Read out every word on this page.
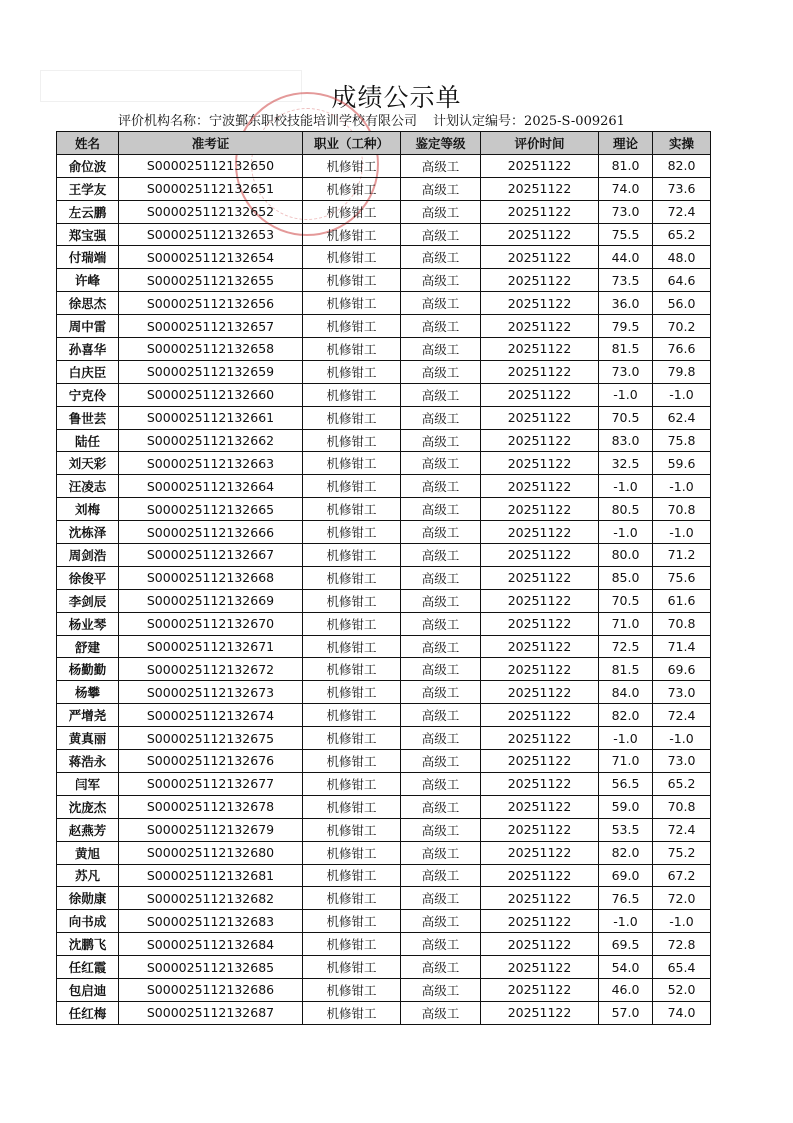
成绩公示单
评价机构名称：宁波鄞东职校技能培训学校有限公司 计划认定编号：2025-S-009261
姓名	准考证	职业（工种）	鉴定等级	评价时间	理论	实操
俞位波	S000025112132650	机修钳工	高级工	20251122	81.0	82.0
王学友	S000025112132651	机修钳工	高级工	20251122	74.0	73.6
左云鹏	S000025112132652	机修钳工	高级工	20251122	73.0	72.4
郑宝强	S000025112132653	机修钳工	高级工	20251122	75.5	65.2
付瑞端	S000025112132654	机修钳工	高级工	20251122	44.0	48.0
许峰	S000025112132655	机修钳工	高级工	20251122	73.5	64.6
徐思杰	S000025112132656	机修钳工	高级工	20251122	36.0	56.0
周中雷	S000025112132657	机修钳工	高级工	20251122	79.5	70.2
孙喜华	S000025112132658	机修钳工	高级工	20251122	81.5	76.6
白庆臣	S000025112132659	机修钳工	高级工	20251122	73.0	79.8
宁克伶	S000025112132660	机修钳工	高级工	20251122	-1.0	-1.0
鲁世芸	S000025112132661	机修钳工	高级工	20251122	70.5	62.4
陆任	S000025112132662	机修钳工	高级工	20251122	83.0	75.8
刘天彩	S000025112132663	机修钳工	高级工	20251122	32.5	59.6
汪凌志	S000025112132664	机修钳工	高级工	20251122	-1.0	-1.0
刘梅	S000025112132665	机修钳工	高级工	20251122	80.5	70.8
沈栋泽	S000025112132666	机修钳工	高级工	20251122	-1.0	-1.0
周剑浩	S000025112132667	机修钳工	高级工	20251122	80.0	71.2
徐俊平	S000025112132668	机修钳工	高级工	20251122	85.0	75.6
李剑辰	S000025112132669	机修钳工	高级工	20251122	70.5	61.6
杨业琴	S000025112132670	机修钳工	高级工	20251122	71.0	70.8
舒建	S000025112132671	机修钳工	高级工	20251122	72.5	71.4
杨勤勤	S000025112132672	机修钳工	高级工	20251122	81.5	69.6
杨攀	S000025112132673	机修钳工	高级工	20251122	84.0	73.0
严增尧	S000025112132674	机修钳工	高级工	20251122	82.0	72.4
黄真丽	S000025112132675	机修钳工	高级工	20251122	-1.0	-1.0
蒋浩永	S000025112132676	机修钳工	高级工	20251122	71.0	73.0
闫军	S000025112132677	机修钳工	高级工	20251122	56.5	65.2
沈庞杰	S000025112132678	机修钳工	高级工	20251122	59.0	70.8
赵燕芳	S000025112132679	机修钳工	高级工	20251122	53.5	72.4
黄旭	S000025112132680	机修钳工	高级工	20251122	82.0	75.2
苏凡	S000025112132681	机修钳工	高级工	20251122	69.0	67.2
徐勋康	S000025112132682	机修钳工	高级工	20251122	76.5	72.0
向书成	S000025112132683	机修钳工	高级工	20251122	-1.0	-1.0
沈鹏飞	S000025112132684	机修钳工	高级工	20251122	69.5	72.8
任红霞	S000025112132685	机修钳工	高级工	20251122	54.0	65.4
包启迪	S000025112132686	机修钳工	高级工	20251122	46.0	52.0
任红梅	S000025112132687	机修钳工	高级工	20251122	57.0	74.0
